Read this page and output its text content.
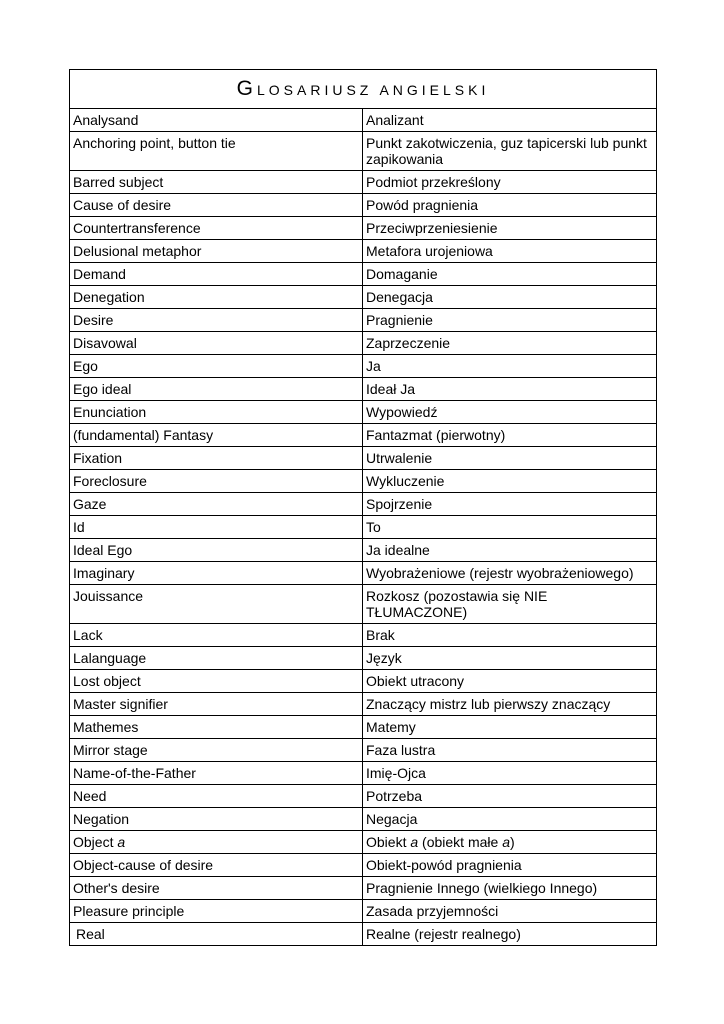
GLOSARIUSZ ANGIELSKI	
Analysand	Analizant
Anchoring point, button tie	Punkt zakotwiczenia, guz tapicerski lub punkt zapikowania
Barred subject	Podmiot przekreślony
Cause of desire	Powód pragnienia
Countertransference	Przeciwprzeniesienie
Delusional metaphor	Metafora urojeniowa
Demand	Domaganie
Denegation	Denegacja
Desire	Pragnienie
Disavowal	Zaprzeczenie
Ego	Ja
Ego ideal	Ideał Ja
Enunciation	Wypowiedź
(fundamental) Fantasy	Fantazmat (pierwotny)
Fixation	Utrwalenie
Foreclosure	Wykluczenie
Gaze	Spojrzenie
Id	To
Ideal Ego	Ja idealne
Imaginary	Wyobrażeniowe (rejestr wyobrażeniowego)
Jouissance	Rozkosz (pozostawia się NIE TŁUMACZONE)
Lack	Brak
Lalanguage	Język
Lost object	Obiekt utracony
Master signifier	Znaczący mistrz lub pierwszy znaczący
Mathemes	Matemy
Mirror stage	Faza lustra
Name-of-the-Father	Imię-Ojca
Need	Potrzeba
Negation	Negacja
Object a	Obiekt a (obiekt małe a)
Object-cause of desire	Obiekt-powód pragnienia
Other's desire	Pragnienie Innego (wielkiego Innego)
Pleasure principle	Zasada przyjemności
Real	Realne (rejestr realnego)
